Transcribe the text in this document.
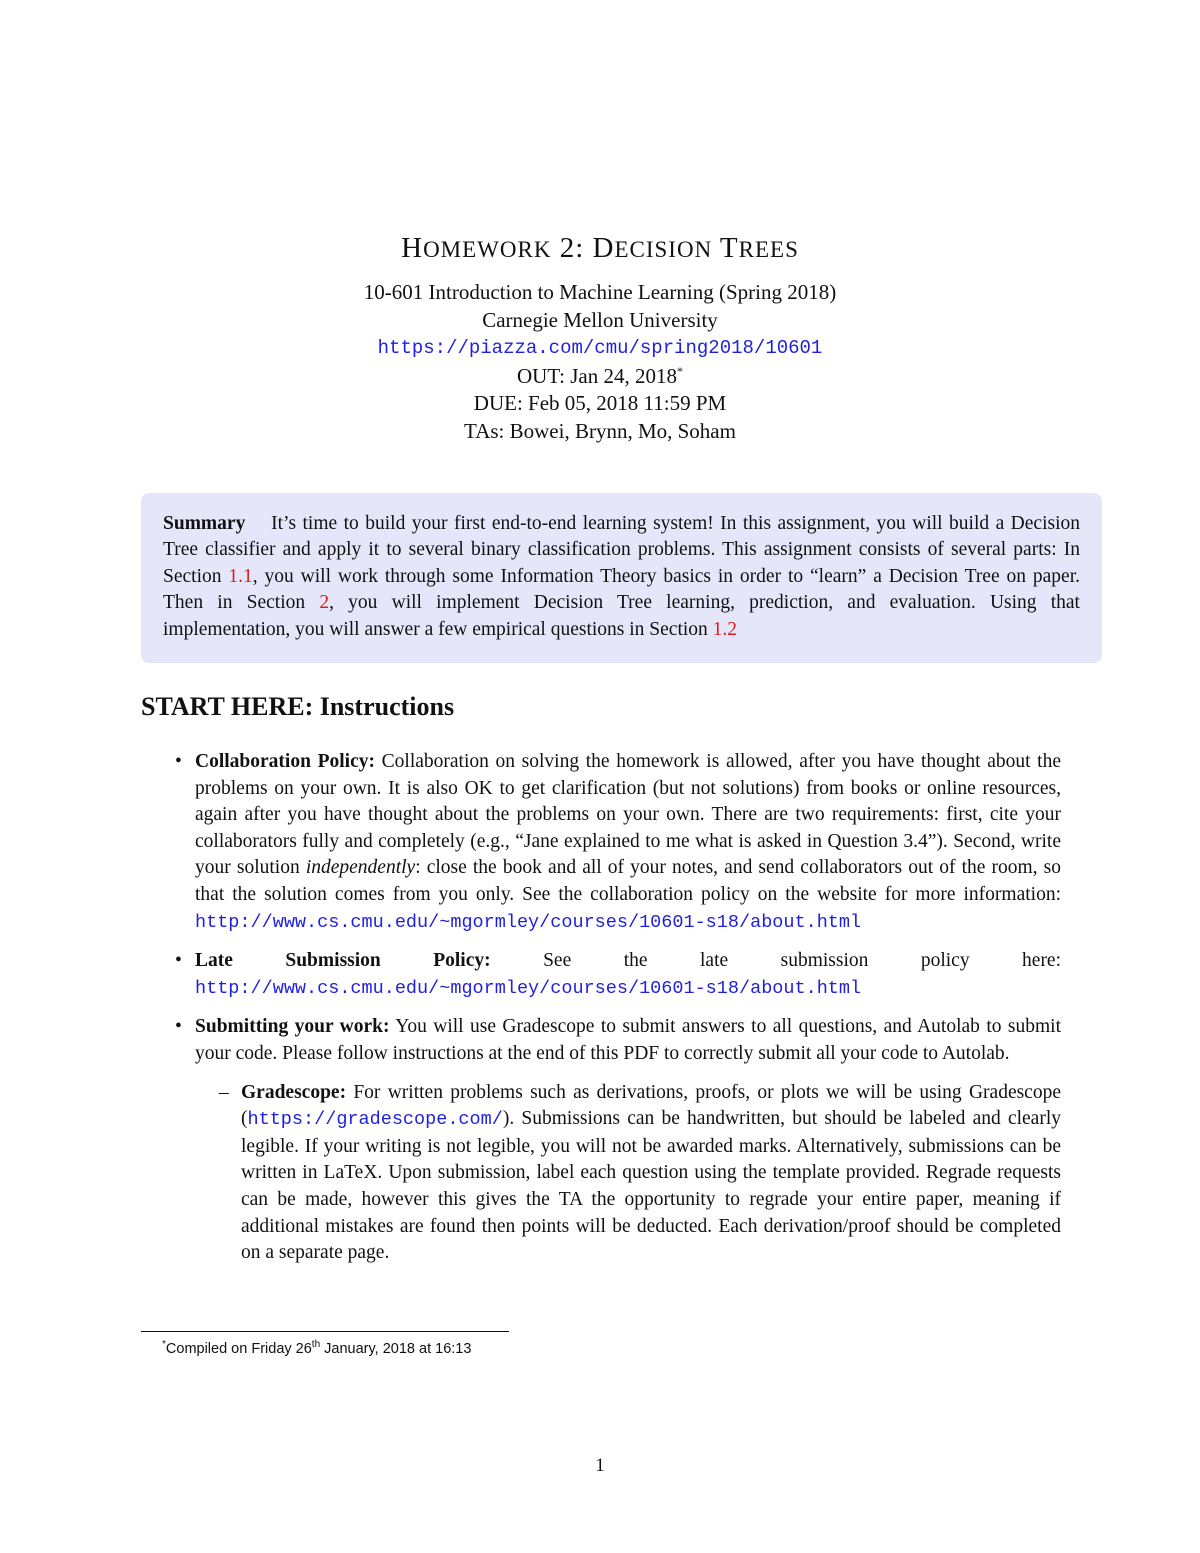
HOMEWORK 2: DECISION TREES
10-601 Introduction to Machine Learning (Spring 2018)
Carnegie Mellon University
https://piazza.com/cmu/spring2018/10601
OUT: Jan 24, 2018*
DUE: Feb 05, 2018 11:59 PM
TAs: Bowei, Brynn, Mo, Soham
Summary It’s time to build your first end-to-end learning system! In this assignment, you will build a Decision Tree classifier and apply it to several binary classification problems. This assignment consists of several parts: In Section 1.1, you will work through some Information Theory basics in order to “learn” a Decision Tree on paper. Then in Section 2, you will implement Decision Tree learning, prediction, and evaluation. Using that implementation, you will answer a few empirical questions in Section 1.2
START HERE: Instructions
• Collaboration Policy: Collaboration on solving the homework is allowed, after you have thought about the problems on your own. It is also OK to get clarification (but not solutions) from books or online resources, again after you have thought about the problems on your own. There are two requirements: first, cite your collaborators fully and completely (e.g., “Jane explained to me what is asked in Question 3.4”). Second, write your solution independently: close the book and all of your notes, and send collaborators out of the room, so that the solution comes from you only. See the collaboration policy on the website for more information: http://www.cs.cmu.edu/~mgormley/courses/10601-s18/about.html
• Late Submission Policy: See the late submission policy here: http://www.cs.cmu.edu/~mgormley/courses/10601-s18/about.html
• Submitting your work: You will use Gradescope to submit answers to all questions, and Autolab to submit your code. Please follow instructions at the end of this PDF to correctly submit all your code to Autolab.
– Gradescope: For written problems such as derivations, proofs, or plots we will be using Gradescope (https://gradescope.com/). Submissions can be handwritten, but should be labeled and clearly legible. If your writing is not legible, you will not be awarded marks. Alternatively, submissions can be written in LaTeX. Upon submission, label each question using the template provided. Regrade requests can be made, however this gives the TA the opportunity to regrade your entire paper, meaning if additional mistakes are found then points will be deducted. Each derivation/proof should be completed on a separate page.
*Compiled on Friday 26th January, 2018 at 16:13
1
